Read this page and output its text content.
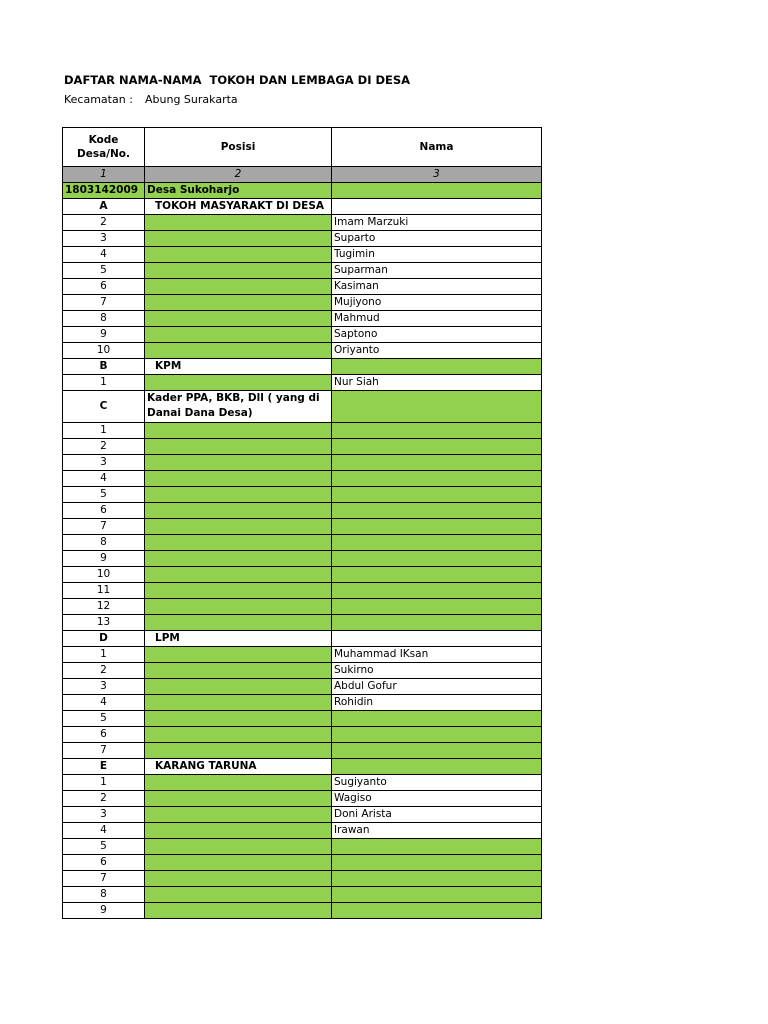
DAFTAR NAMA-NAMA  TOKOH DAN LEMBAGA DI DESA
Kecamatan : Abung Surakarta
Kode Desa/No.	Posisi	Nama
1	2	3
1803142009	Desa Sukoharjo	
A	TOKOH MASYARAKT DI DESA	
2		Imam Marzuki
3		Suparto
4		Tugimin
5		Suparman
6		Kasiman
7		Mujiyono
8		Mahmud
9		Saptono
10		Oriyanto
B	KPM	
1		Nur Siah
C	Kader PPA, BKB, Dll ( yang di Danai Dana Desa)	
1		
2		
3		
4		
5		
6		
7		
8		
9		
10		
11		
12		
13		
D	LPM	
1		Muhammad IKsan
2		Sukirno
3		Abdul Gofur
4		Rohidin
5		
6		
7		
E	KARANG TARUNA	
1		Sugiyanto
2		Wagiso
3		Doni Arista
4		Irawan
5		
6		
7		
8		
9		
